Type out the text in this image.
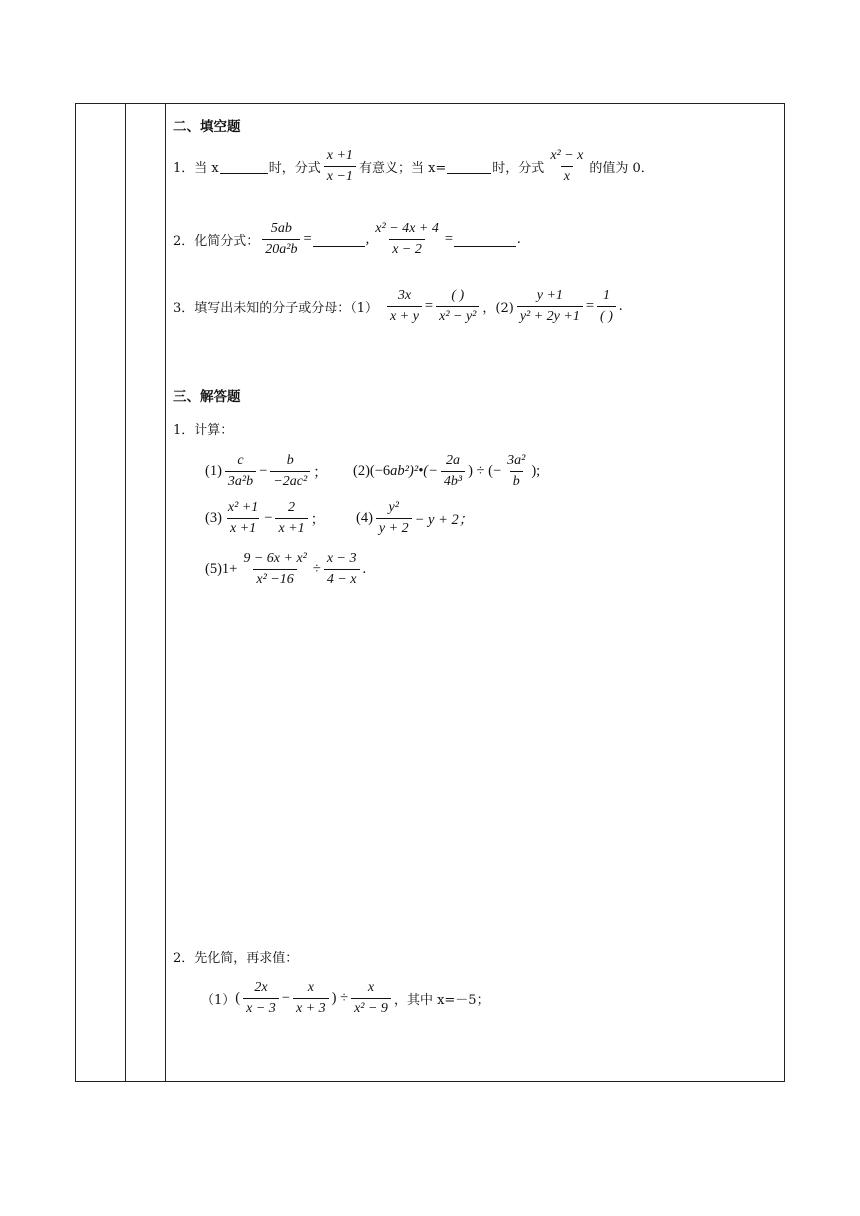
二、填空题
1．当 x	时，分式 $\frac{x +1}{x -1}$ 有意义；当 x=	时，分式 $\frac{\text{x² − x}}{x}$ 的值为 0．
2．化简分式： $\frac{5ab}{\text{20a²b}}$ =	, $\frac{\text{x² − 4x + 4}}{x - 2}$ =	.
3．填写出未知的分子或分母：$(1) \frac{3x}{x + y} = \frac{( )}{\text{x² − y²}}$ ，$(2) \frac{y +1}{\text{y² + 2y +1}} = \frac{1}{( )}$ .
三、解答题
1．计算：
$(1) \frac{c}{\text{3a²b}} - \frac{b}{\text{−2ac²}}$ ； (2)(−6 ab²)²•(− $\frac{2a}{\text{4b³}}$ ) ÷ (− $\frac{\text{3a²}}{b}$ );
$(3) \frac{\text{x² +1}}{x +1} - \frac{2}{x +1}$ ； $(4) \frac{\text{y²}}{y + 2} - y + 2$；
$(5)1+ \frac{\text{9 − 6x + x²}}{\text{x² −16}} \div \frac{x - 3}{4 - x}$ .
2．先化简，再求值：
（1） ( $\frac{2x}{x - 3} - \frac{x}{x + 3}$ ) ÷ $\frac{x}{\text{x² − 9}}$ ，其中 x=－5；
